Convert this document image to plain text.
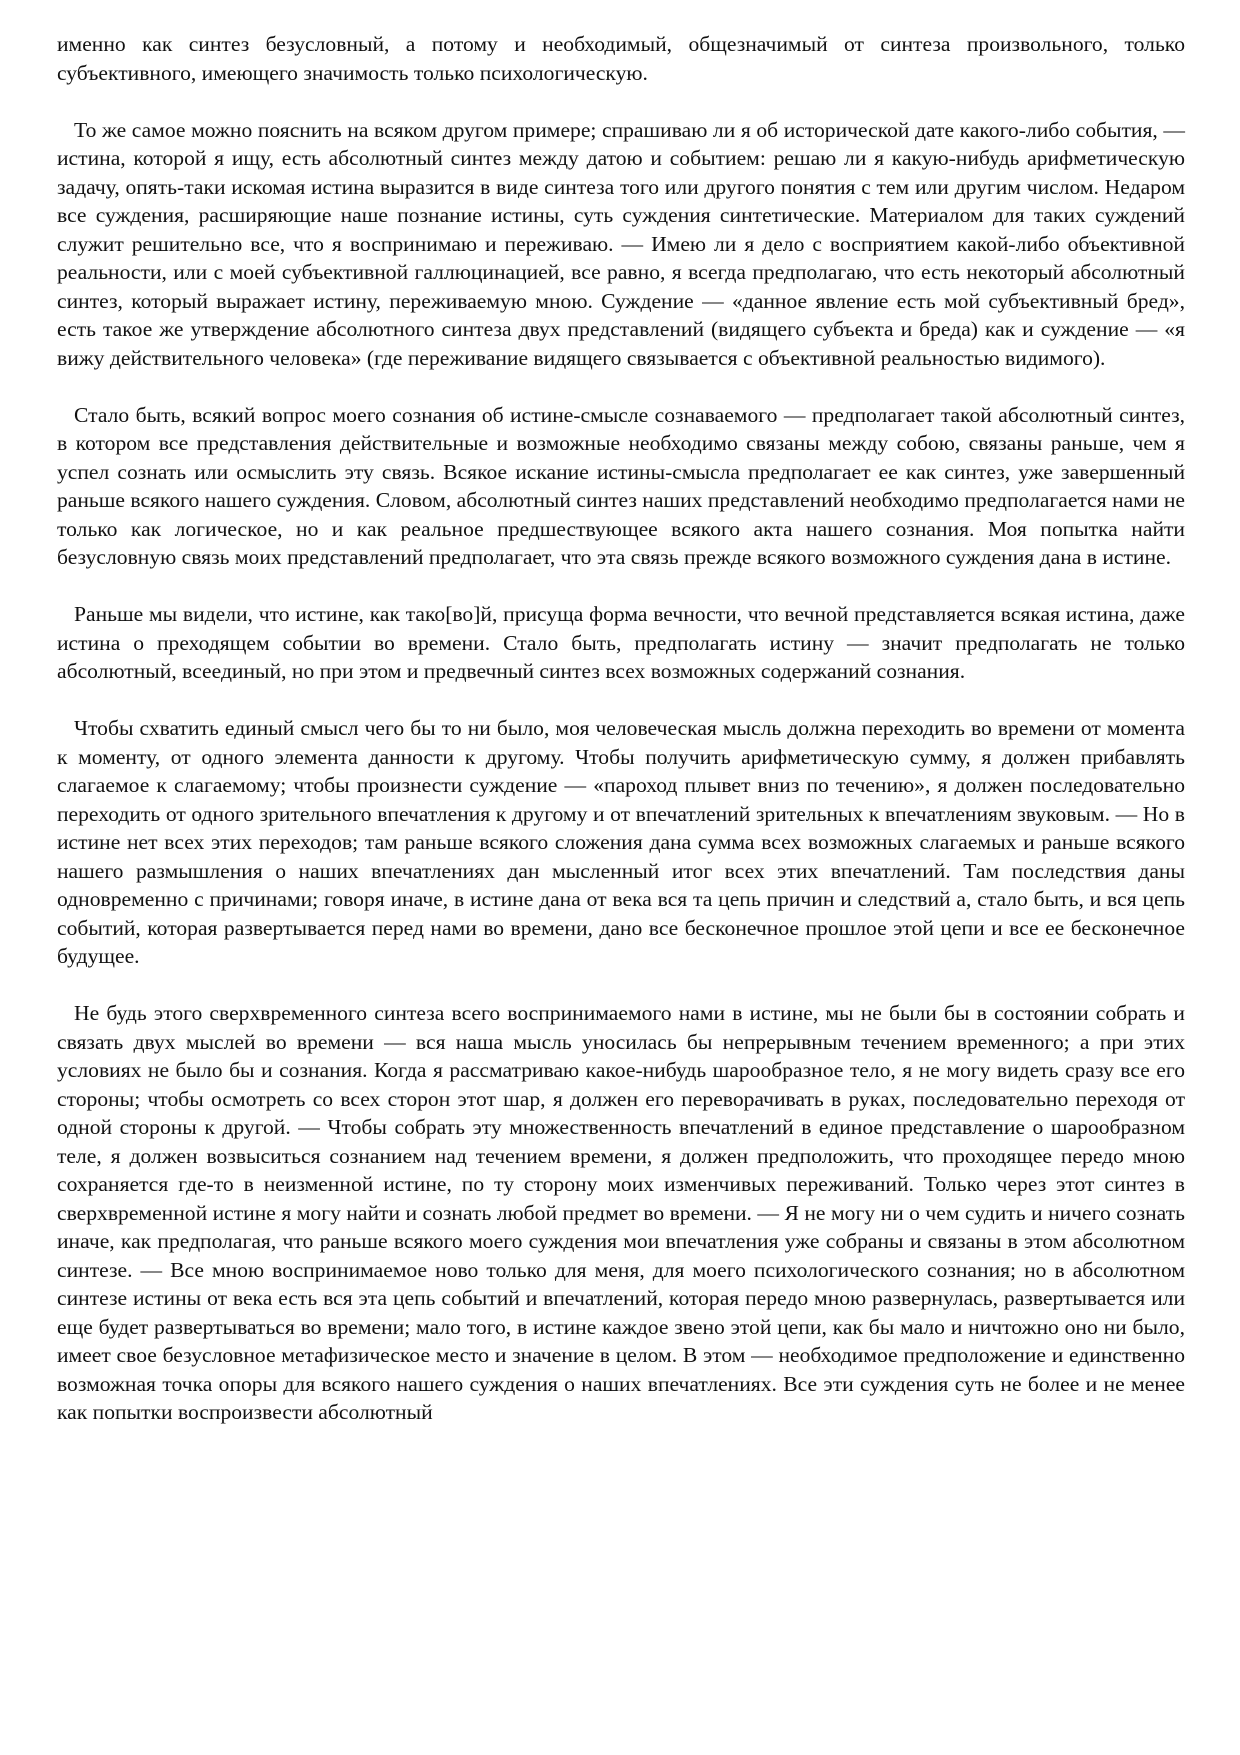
именно как синтез безусловный, а потому и необходимый, общезначимый от синтеза произвольного, только субъективного, имеющего значимость только психологическую.

То же самое можно пояснить на всяком другом примере; спрашиваю ли я об исторической дате какого-либо события, — истина, которой я ищу, есть абсолютный синтез между датою и событием: решаю ли я какую-нибудь арифметическую задачу, опять-таки искомая истина выразится в виде синтеза того или другого понятия с тем или другим числом. Недаром все суждения, расширяющие наше познание истины, суть суждения синтетические. Материалом для таких суждений служит решительно все, что я воспринимаю и переживаю. — Имею ли я дело с восприятием какой-либо объективной реальности, или с моей субъективной галлюцинацией, все равно, я всегда предполагаю, что есть некоторый абсолютный синтез, который выражает истину, переживаемую мною. Суждение — «данное явление есть мой субъективный бред», есть такое же утверждение абсолютного синтеза двух представлений (видящего субъекта и бреда) как и суждение — «я вижу действительного человека» (где переживание видящего связывается с объективной реальностью видимого).

Стало быть, всякий вопрос моего сознания об истине-смысле сознаваемого — предполагает такой абсолютный синтез, в котором все представления действительные и возможные необходимо связаны между собою, связаны раньше, чем я успел сознать или осмыслить эту связь. Всякое искание истины-смысла предполагает ее как синтез, уже завершенный раньше всякого нашего суждения. Словом, абсолютный синтез наших представлений необходимо предполагается нами не только как логическое, но и как реальное предшествующее всякого акта нашего сознания. Моя попытка найти безусловную связь моих представлений предполагает, что эта связь прежде всякого возможного суждения дана в истине.

Раньше мы видели, что истине, как тако[во]й, присуща форма вечности, что вечной представляется всякая истина, даже истина о преходящем событии во времени. Стало быть, предполагать истину — значит предполагать не только абсолютный, всеединый, но при этом и предвечный синтез всех возможных содержаний сознания.

Чтобы схватить единый смысл чего бы то ни было, моя человеческая мысль должна переходить во времени от момента к моменту, от одного элемента данности к другому. Чтобы получить арифметическую сумму, я должен прибавлять слагаемое к слагаемому; чтобы произнести суждение — «пароход плывет вниз по течению», я должен последовательно переходить от одного зрительного впечатления к другому и от впечатлений зрительных к впечатлениям звуковым. — Но в истине нет всех этих переходов; там раньше всякого сложения дана сумма всех возможных слагаемых и раньше всякого нашего размышления о наших впечатлениях дан мысленный итог всех этих впечатлений. Там последствия даны одновременно с причинами; говоря иначе, в истине дана от века вся та цепь причин и следствий а, стало быть, и вся цепь событий, которая развертывается перед нами во времени, дано все бесконечное прошлое этой цепи и все ее бесконечное будущее.

Не будь этого сверхвременного синтеза всего воспринимаемого нами в истине, мы не были бы в состоянии собрать и связать двух мыслей во времени — вся наша мысль уносилась бы непрерывным течением временного; а при этих условиях не было бы и сознания. Когда я рассматриваю какое-нибудь шарообразное тело, я не могу видеть сразу все его стороны; чтобы осмотреть со всех сторон этот шар, я должен его переворачивать в руках, последовательно переходя от одной стороны к другой. — Чтобы собрать эту множественность впечатлений в единое представление о шарообразном теле, я должен возвыситься сознанием над течением времени, я должен предположить, что проходящее передо мною сохраняется где-то в неизменной истине, по ту сторону моих изменчивых переживаний. Только через этот синтез в сверхвременной истине я могу найти и сознать любой предмет во времени. — Я не могу ни о чем судить и ничего сознать иначе, как предполагая, что раньше всякого моего суждения мои впечатления уже собраны и связаны в этом абсолютном синтезе. — Все мною воспринимаемое ново только для меня, для моего психологического сознания; но в абсолютном синтезе истины от века есть вся эта цепь событий и впечатлений, которая передо мною развернулась, развертывается или еще будет развертываться во времени; мало того, в истине каждое звено этой цепи, как бы мало и ничтожно оно ни было, имеет свое безусловное метафизическое место и значение в целом. В этом — необходимое предположение и единственно возможная точка опоры для всякого нашего суждения о наших впечатлениях. Все эти суждения суть не более и не менее как попытки воспроизвести абсолютный
